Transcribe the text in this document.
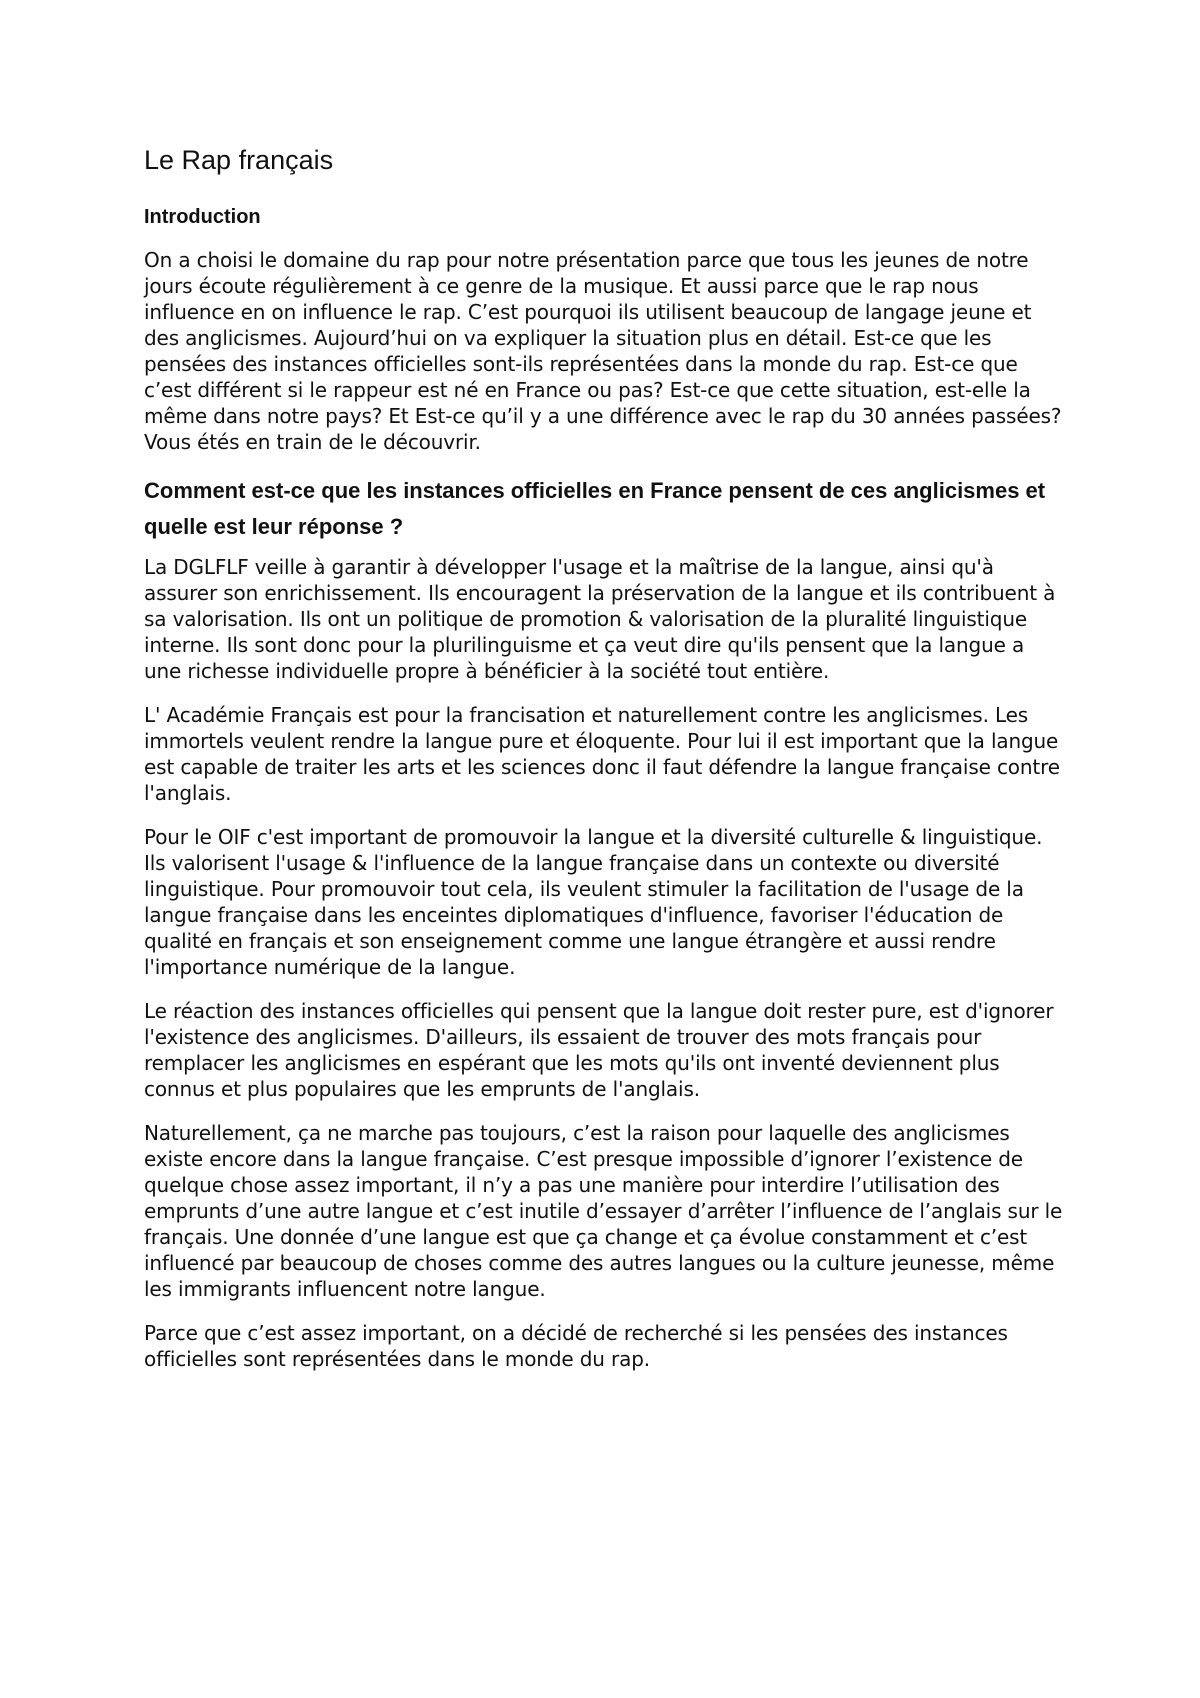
Le Rap français
Introduction

On a choisi le domaine du rap pour notre présentation parce que tous les jeunes de notre jours écoute régulièrement à ce genre de la musique. Et aussi parce que le rap nous influence en on influence le rap. C’est pourquoi ils utilisent beaucoup de langage jeune et des anglicismes. Aujourd’hui on va expliquer la situation plus en détail. Est-ce que les pensées des instances officielles sont-ils représentées dans la monde du rap. Est-ce que c’est différent si le rappeur est né en France ou pas? Est-ce que cette situation, est-elle la même dans notre pays? Et Est-ce qu’il y a une différence avec le rap du 30 années passées? Vous étés en train de le découvrir.

Comment est-ce que les instances officielles en France pensent de ces anglicismes et quelle est leur réponse ?

La DGLFLF veille à garantir à développer l'usage et la maîtrise de la langue, ainsi qu'à assurer son enrichissement. Ils encouragent la préservation de la langue et ils contribuent à sa valorisation. Ils ont un politique de promotion & valorisation de la pluralité linguistique interne. Ils sont donc pour la plurilinguisme et ça veut dire qu'ils pensent que la langue a une richesse individuelle propre à bénéficier à la société tout entière.

L' Académie Français est pour la francisation et naturellement contre les anglicismes. Les immortels veulent rendre la langue pure et éloquente. Pour lui il est important que la langue est capable de traiter les arts et les sciences donc il faut défendre la langue française contre l'anglais.

Pour le OIF c'est important de promouvoir la langue et la diversité culturelle & linguistique. Ils valorisent l'usage & l'influence de la langue française dans un contexte ou diversité linguistique. Pour promouvoir tout cela, ils veulent stimuler la facilitation de l'usage de la langue française dans les enceintes diplomatiques d'influence, favoriser l'éducation de qualité en français et son enseignement comme une langue étrangère et aussi rendre l'importance numérique de la langue.

Le réaction des instances officielles qui pensent que la langue doit rester pure, est d'ignorer l'existence des anglicismes. D'ailleurs, ils essaient de trouver des mots français pour remplacer les anglicismes en espérant que les mots qu'ils ont inventé deviennent plus connus et plus populaires que les emprunts de l'anglais.

Naturellement, ça ne marche pas toujours, c’est la raison pour laquelle des anglicismes existe encore dans la langue française. C’est presque impossible d’ignorer l’existence de quelque chose assez important, il n’y a pas une manière pour interdire l’utilisation des emprunts d’une autre langue et c’est inutile d’essayer d’arrêter l’influence de l’anglais sur le français. Une donnée d’une langue est que ça change et ça évolue constamment et c’est influencé par beaucoup de choses comme des autres langues ou la culture jeunesse, même les immigrants influencent notre langue.

Parce que c’est assez important, on a décidé de recherché si les pensées des instances officielles sont représentées dans le monde du rap.
